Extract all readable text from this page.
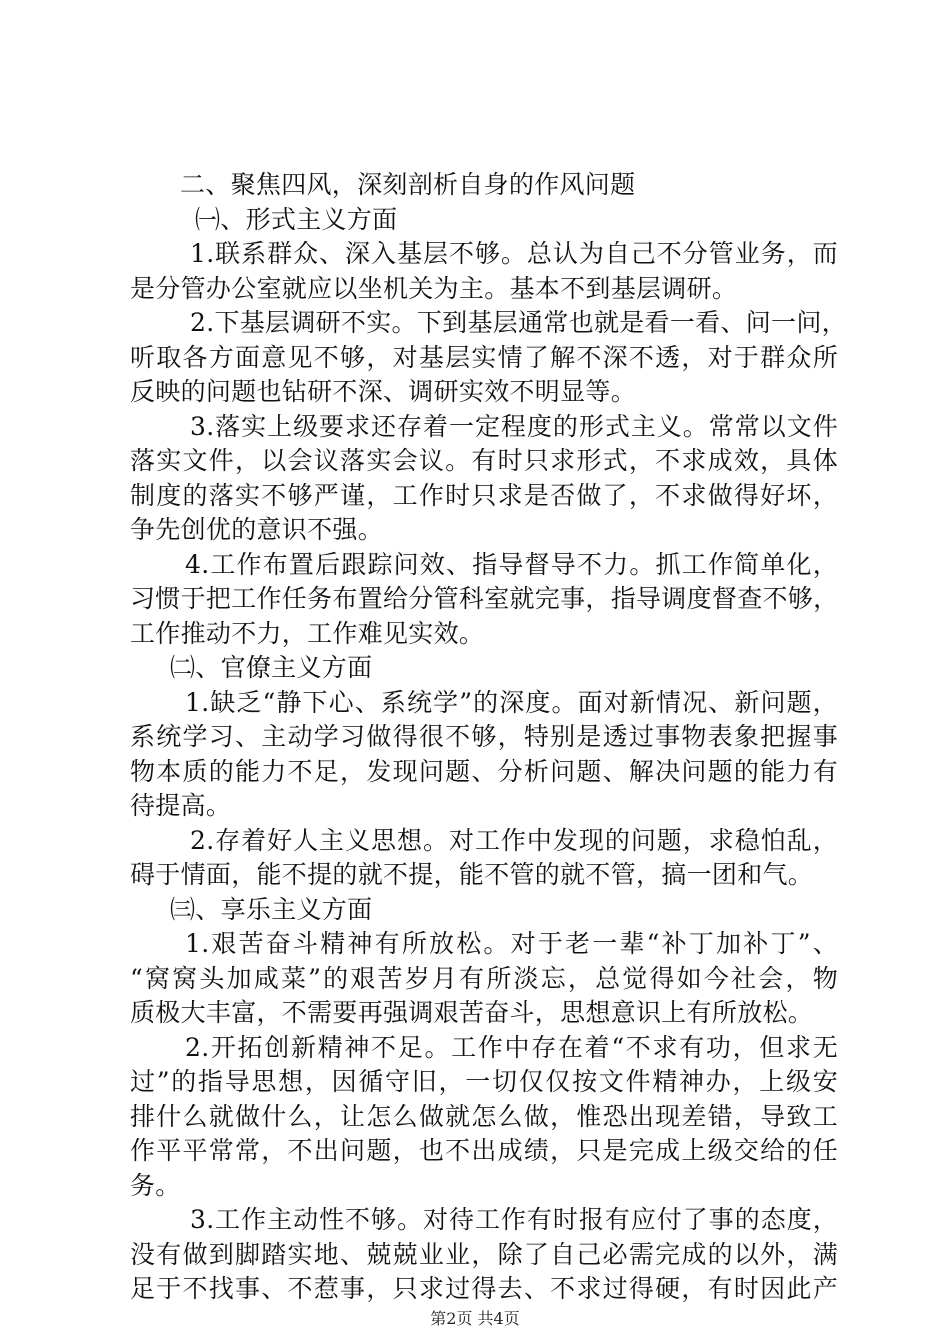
二、聚焦四风，深刻剖析自身的作风问题
㈠、形式主义方面
1.联系群众、深入基层不够。总认为自己不分管业务，而
是分管办公室就应以坐机关为主。基本不到基层调研。
2.下基层调研不实。下到基层通常也就是看一看、问一问，
听取各方面意见不够，对基层实情了解不深不透，对于群众所
反映的问题也钻研不深、调研实效不明显等。
3.落实上级要求还存着一定程度的形式主义。常常以文件
落实文件，以会议落实会议。有时只求形式，不求成效，具体
制度的落实不够严谨，工作时只求是否做了，不求做得好坏，
争先创优的意识不强。
4.工作布置后跟踪问效、指导督导不力。抓工作简单化，
习惯于把工作任务布置给分管科室就完事，指导调度督查不够，
工作推动不力，工作难见实效。
㈡、官僚主义方面
1.缺乏“静下心、系统学”的深度。面对新情况、新问题，
系统学习、主动学习做得很不够，特别是透过事物表象把握事
物本质的能力不足，发现问题、分析问题、解决问题的能力有
待提高。
2.存着好人主义思想。对工作中发现的问题，求稳怕乱，
碍于情面，能不提的就不提，能不管的就不管，搞一团和气。
㈢、享乐主义方面
1.艰苦奋斗精神有所放松。对于老一辈“补丁加补丁”、
“窝窝头加咸菜”的艰苦岁月有所淡忘，总觉得如今社会，物
质极大丰富，不需要再强调艰苦奋斗，思想意识上有所放松。
2.开拓创新精神不足。工作中存在着“不求有功，但求无
过”的指导思想，因循守旧，一切仅仅按文件精神办，上级安
排什么就做什么，让怎么做就怎么做，惟恐出现差错，导致工
作平平常常，不出问题，也不出成绩，只是完成上级交给的任
务。
3.工作主动性不够。对待工作有时报有应付了事的态度，
没有做到脚踏实地、兢兢业业，除了自己必需完成的以外，满
足于不找事、不惹事，只求过得去、不求过得硬，有时因此产
第2页 共4页
